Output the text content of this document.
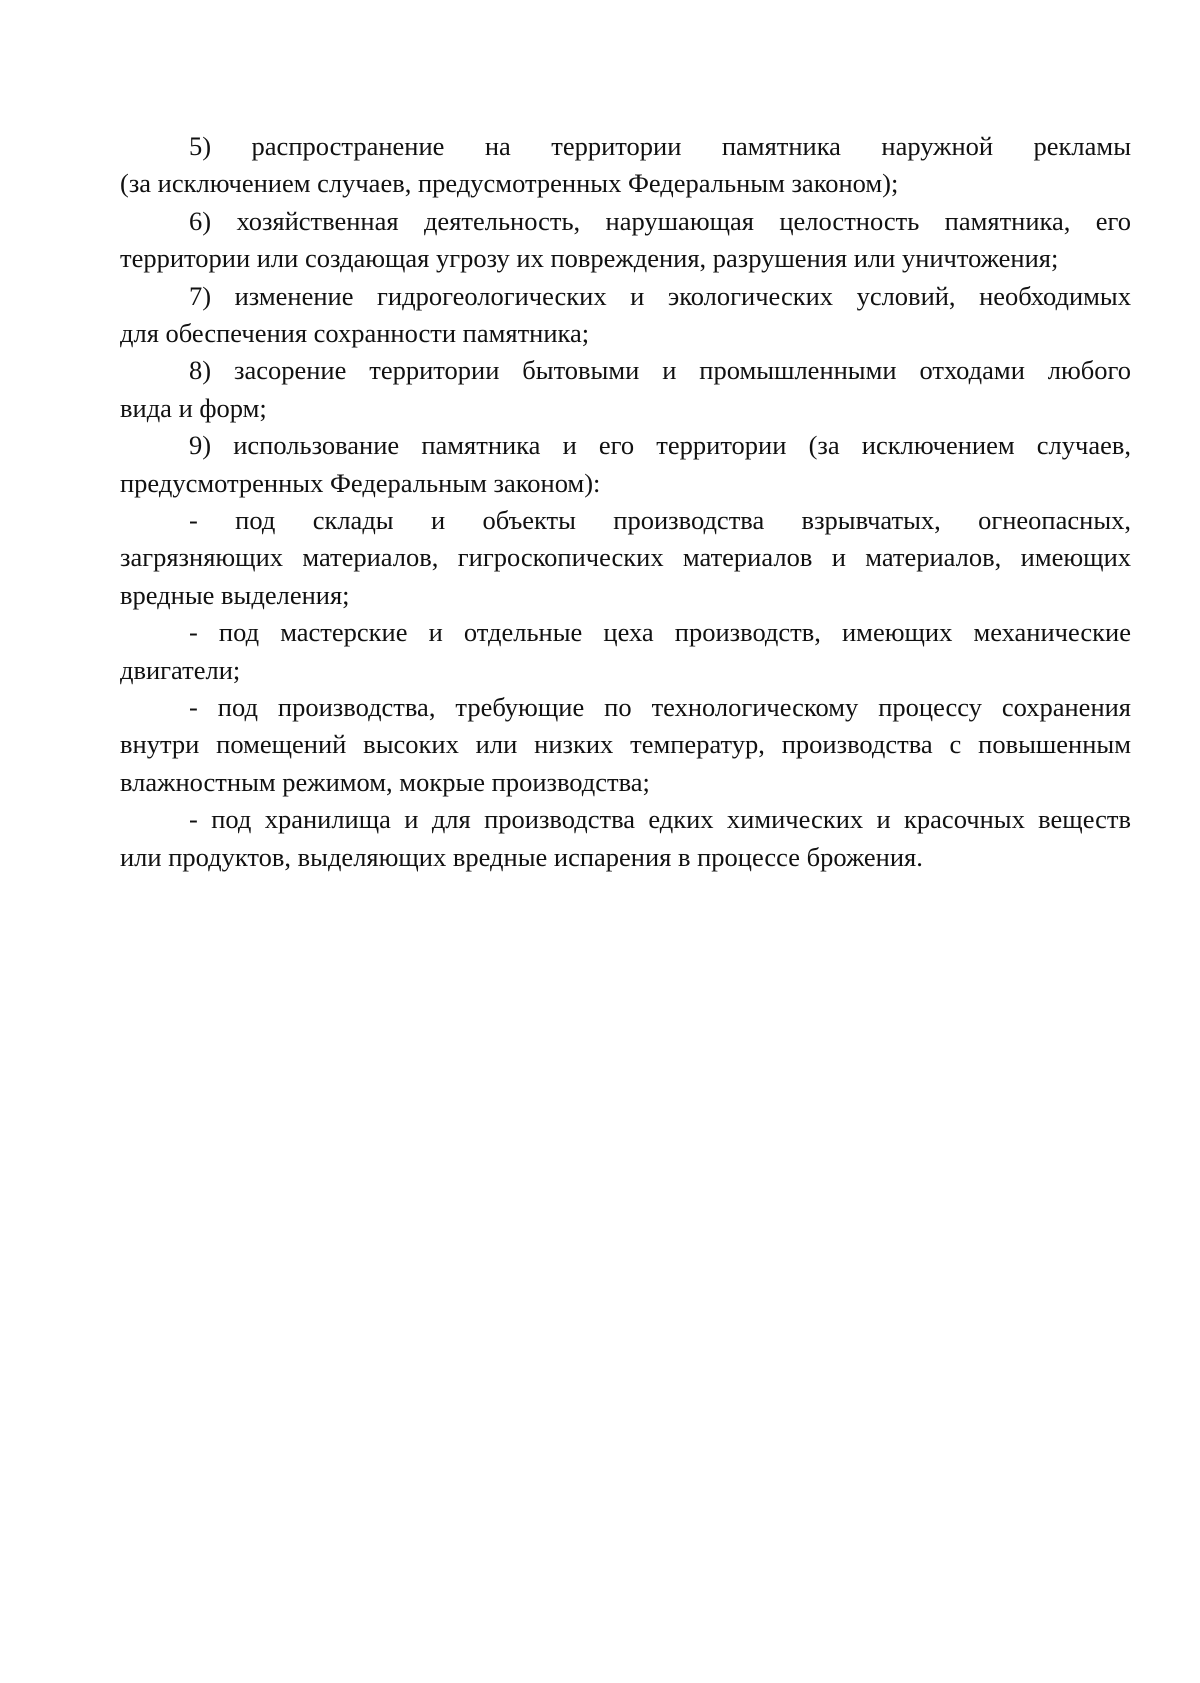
5) распространение на территории памятника наружной рекламы
(за исключением случаев, предусмотренных Федеральным законом);
6) хозяйственная деятельность, нарушающая целостность памятника, его
территории или создающая угрозу их повреждения, разрушения или уничтожения;
7) изменение гидрогеологических и экологических условий, необходимых
для обеспечения сохранности памятника;
8) засорение территории бытовыми и промышленными отходами любого
вида и форм;
9) использование памятника и его территории (за исключением случаев,
предусмотренных Федеральным законом):
- под склады и объекты производства взрывчатых, огнеопасных,
загрязняющих материалов, гигроскопических материалов и материалов, имеющих
вредные выделения;
- под мастерские и отдельные цеха производств, имеющих механические
двигатели;
- под производства, требующие по технологическому процессу сохранения
внутри помещений высоких или низких температур, производства с повышенным
влажностным режимом, мокрые производства;
- под хранилища и для производства едких химических и красочных веществ
или продуктов, выделяющих вредные испарения в процессе брожения.
